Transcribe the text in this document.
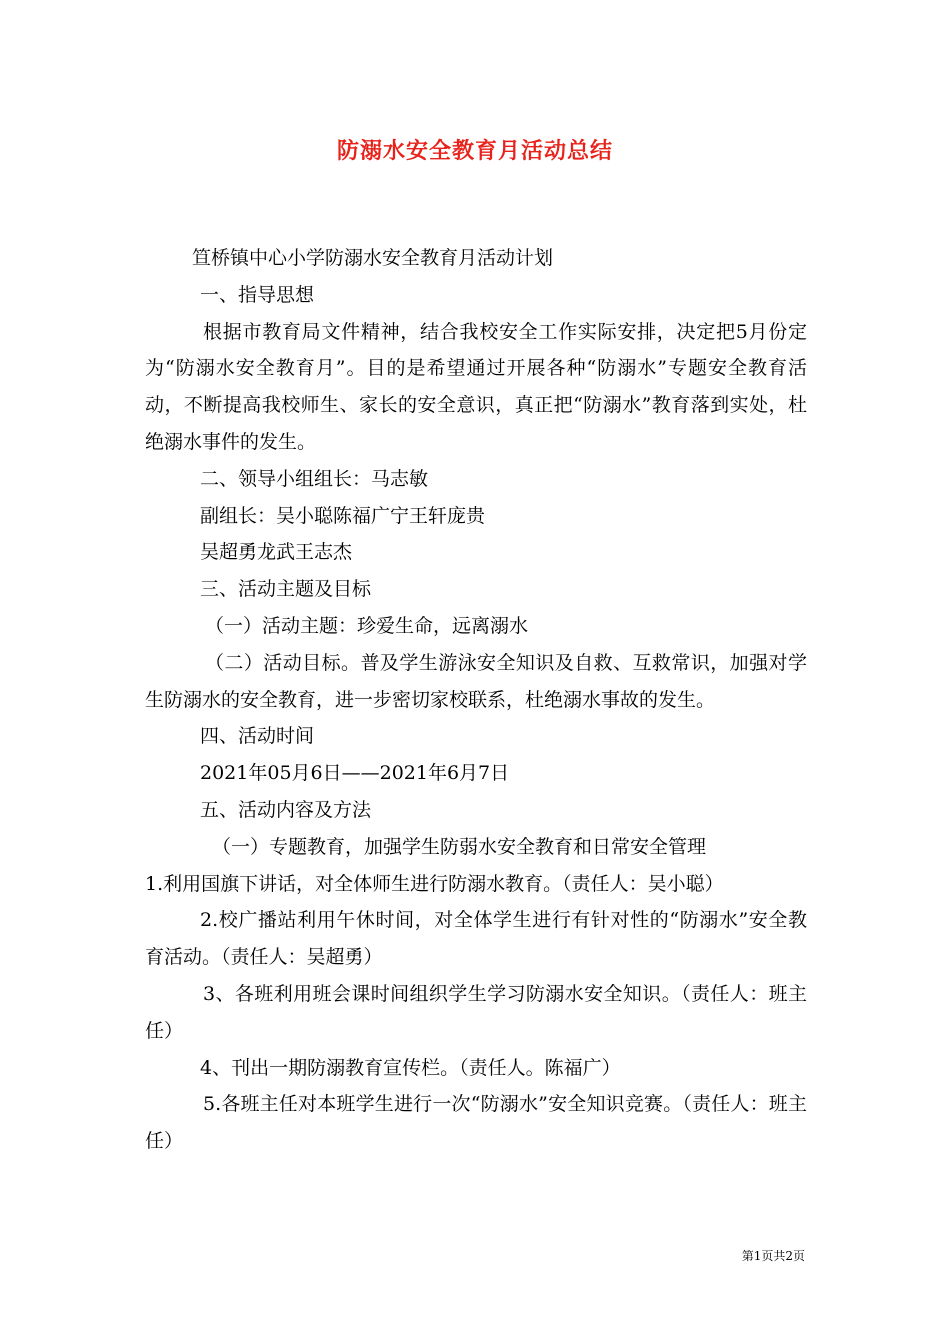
防溺水安全教育月活动总结

笪桥镇中心小学防溺水安全教育月活动计划

一、指导思想

根据市教育局文件精神，结合我校安全工作实际安排，决定把5月份定为“防溺水安全教育月”。目的是希望通过开展各种“防溺水”专题安全教育活动，不断提高我校师生、家长的安全意识，真正把“防溺水”教育落到实处，杜绝溺水事件的发生。

二、领导小组组长：马志敏

副组长：吴小聪陈福广宁王轩庞贵

吴超勇龙武王志杰

三、活动主题及目标

（一）活动主题：珍爱生命，远离溺水

（二）活动目标。普及学生游泳安全知识及自救、互救常识，加强对学生防溺水的安全教育，进一步密切家校联系，杜绝溺水事故的发生。

四、活动时间

2021年05月6日——2021年6月7日

五、活动内容及方法

（一）专题教育，加强学生防弱水安全教育和日常安全管理

1.利用国旗下讲话，对全体师生进行防溺水教育。（责任人：吴小聪）

2.校广播站利用午休时间，对全体学生进行有针对性的“防溺水”安全教育活动。（责任人：吴超勇）

3、各班利用班会课时间组织学生学习防溺水安全知识。（责任人：班主任）

4、刊出一期防溺教育宣传栏。（责任人。陈福广）

5.各班主任对本班学生进行一次“防溺水”安全知识竞赛。（责任人：班主任）

第1页共2页
